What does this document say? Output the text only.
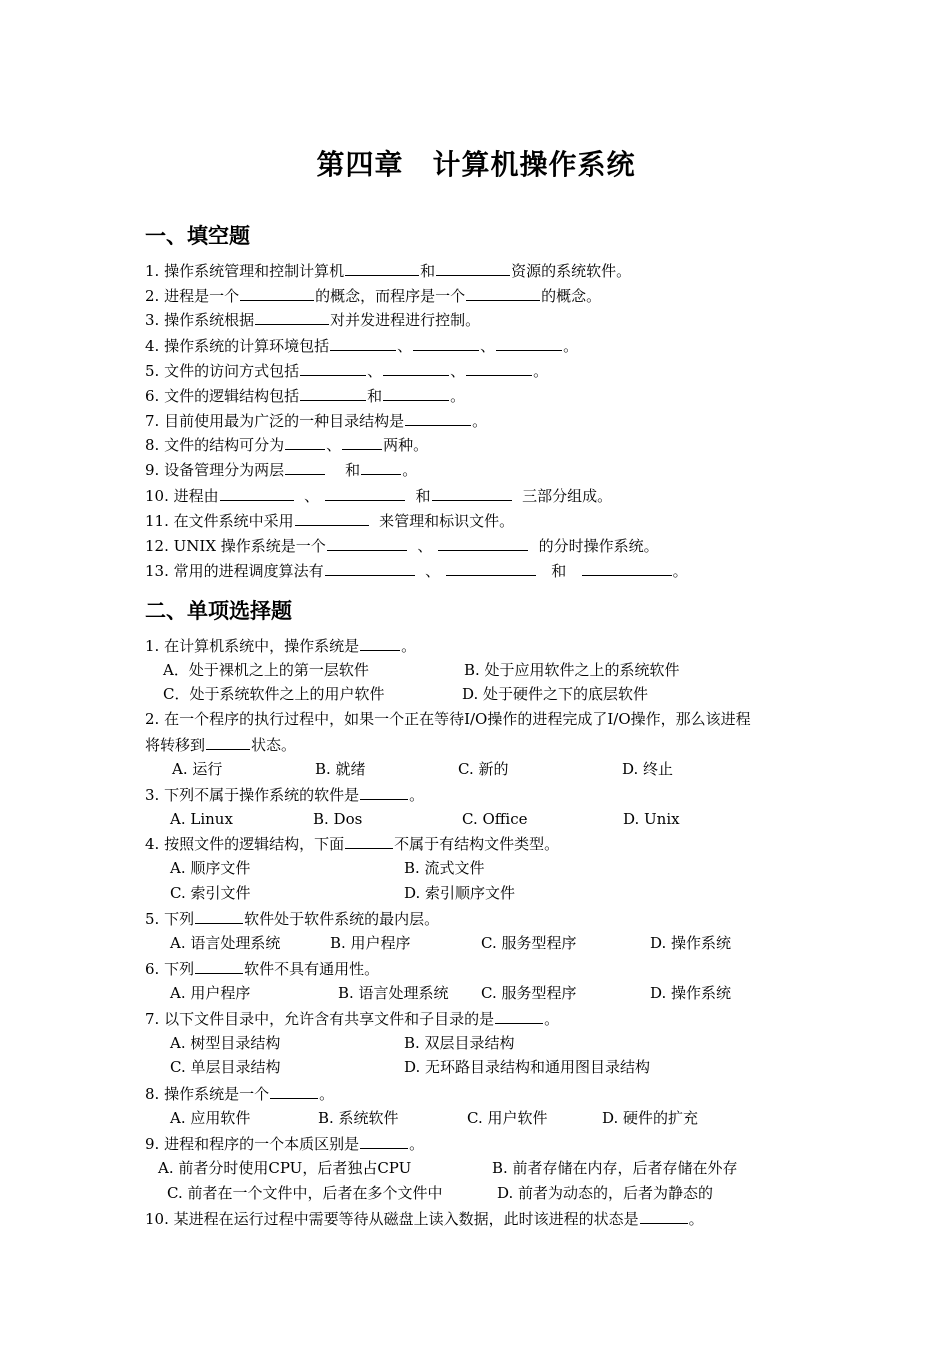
第四章　计算机操作系统
一、填空题
1. 操作系统管理和控制计算机	和	资源的系统软件。
2. 进程是一个	的概念，而程序是一个	的概念。
3. 操作系统根据	对并发进程进行控制。
4. 操作系统的计算环境包括	、	、	。
5. 文件的访问方式包括	、	、	。
6. 文件的逻辑结构包括	和	。
7. 目前使用最为广泛的一种目录结构是	。
8. 文件的结构可分为	、	两种。
9. 设备管理分为两层	和	。
10. 进程由	、	和	三部分组成。
11. 在文件系统中采用	来管理和标识文件。
12. UNIX 操作系统是一个	、	的分时操作系统。
13. 常用的进程调度算法有	、	和	。
二、单项选择题
1. 在计算机系统中，操作系统是	。
A．处于裸机之上的第一层软件	B. 处于应用软件之上的系统软件
C．处于系统软件之上的用户软件	D. 处于硬件之下的底层软件
2. 在一个程序的执行过程中，如果一个正在等待I/O操作的进程完成了I/O操作，那么该进程
将转移到	状态。
A. 运行	B. 就绪	C. 新的	D. 终止
3. 下列不属于操作系统的软件是	。
A. Linux	B. Dos	C. Office	D. Unix
4. 按照文件的逻辑结构，下面	不属于有结构文件类型。
A. 顺序文件	B. 流式文件
C. 索引文件	D. 索引顺序文件
5. 下列	软件处于软件系统的最内层。
A. 语言处理系统	B. 用户程序	C. 服务型程序	D. 操作系统
6. 下列	软件不具有通用性。
A. 用户程序	B. 语言处理系统 C. 服务型程序	D. 操作系统
7. 以下文件目录中，允许含有共享文件和子目录的是	。
A. 树型目录结构	B. 双层目录结构
C. 单层目录结构	D. 无环路目录结构和通用图目录结构
8. 操作系统是一个	。
A. 应用软件	B. 系统软件	C. 用户软件	D. 硬件的扩充
9. 进程和程序的一个本质区别是	。
A. 前者分时使用CPU，后者独占CPU	B. 前者存储在内存，后者存储在外存
C. 前者在一个文件中，后者在多个文件中	D. 前者为动态的，后者为静态的
10. 某进程在运行过程中需要等待从磁盘上读入数据，此时该进程的状态是	。
